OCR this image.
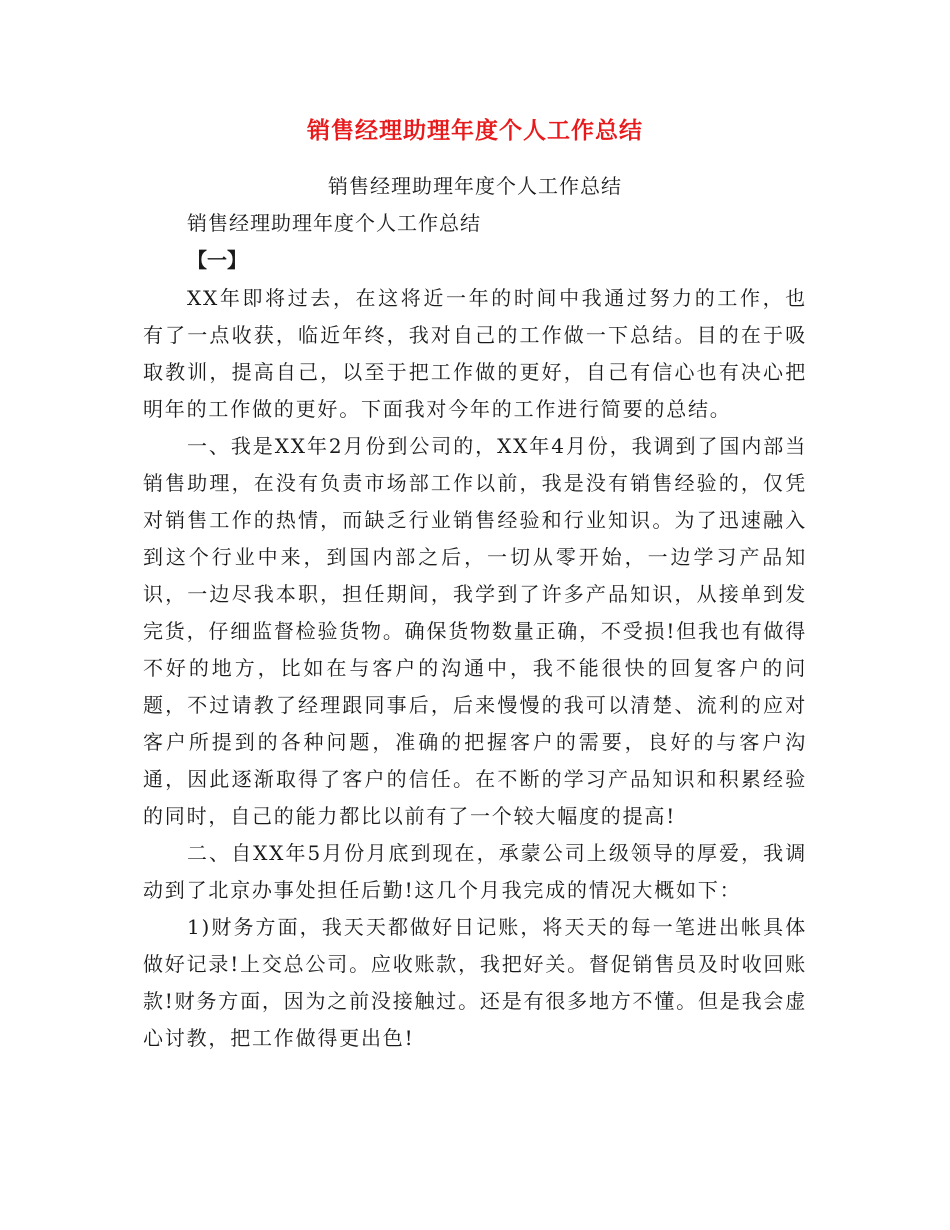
销售经理助理年度个人工作总结

销售经理助理年度个人工作总结

销售经理助理年度个人工作总结

【一】

XX年即将过去，在这将近一年的时间中我通过努力的工作，也有了一点收获，临近年终，我对自己的工作做一下总结。目的在于吸取教训，提高自己，以至于把工作做的更好，自己有信心也有决心把明年的工作做的更好。下面我对今年的工作进行简要的总结。

一、我是XX年2月份到公司的，XX年4月份，我调到了国内部当销售助理，在没有负责市场部工作以前，我是没有销售经验的，仅凭对销售工作的热情，而缺乏行业销售经验和行业知识。为了迅速融入到这个行业中来，到国内部之后，一切从零开始，一边学习产品知识，一边尽我本职，担任期间，我学到了许多产品知识，从接单到发完货，仔细监督检验货物。确保货物数量正确，不受损!但我也有做得不好的地方，比如在与客户的沟通中，我不能很快的回复客户的问题，不过请教了经理跟同事后，后来慢慢的我可以清楚、流利的应对客户所提到的各种问题，准确的把握客户的需要，良好的与客户沟通，因此逐渐取得了客户的信任。在不断的学习产品知识和积累经验的同时，自己的能力都比以前有了一个较大幅度的提高!

二、自XX年5月份月底到现在，承蒙公司上级领导的厚爱，我调动到了北京办事处担任后勤!这几个月我完成的情况大概如下：

1)财务方面，我天天都做好日记账，将天天的每一笔进出帐具体做好记录!上交总公司。应收账款，我把好关。督促销售员及时收回账款!财务方面，因为之前没接触过。还是有很多地方不懂。但是我会虚心讨教，把工作做得更出色!
